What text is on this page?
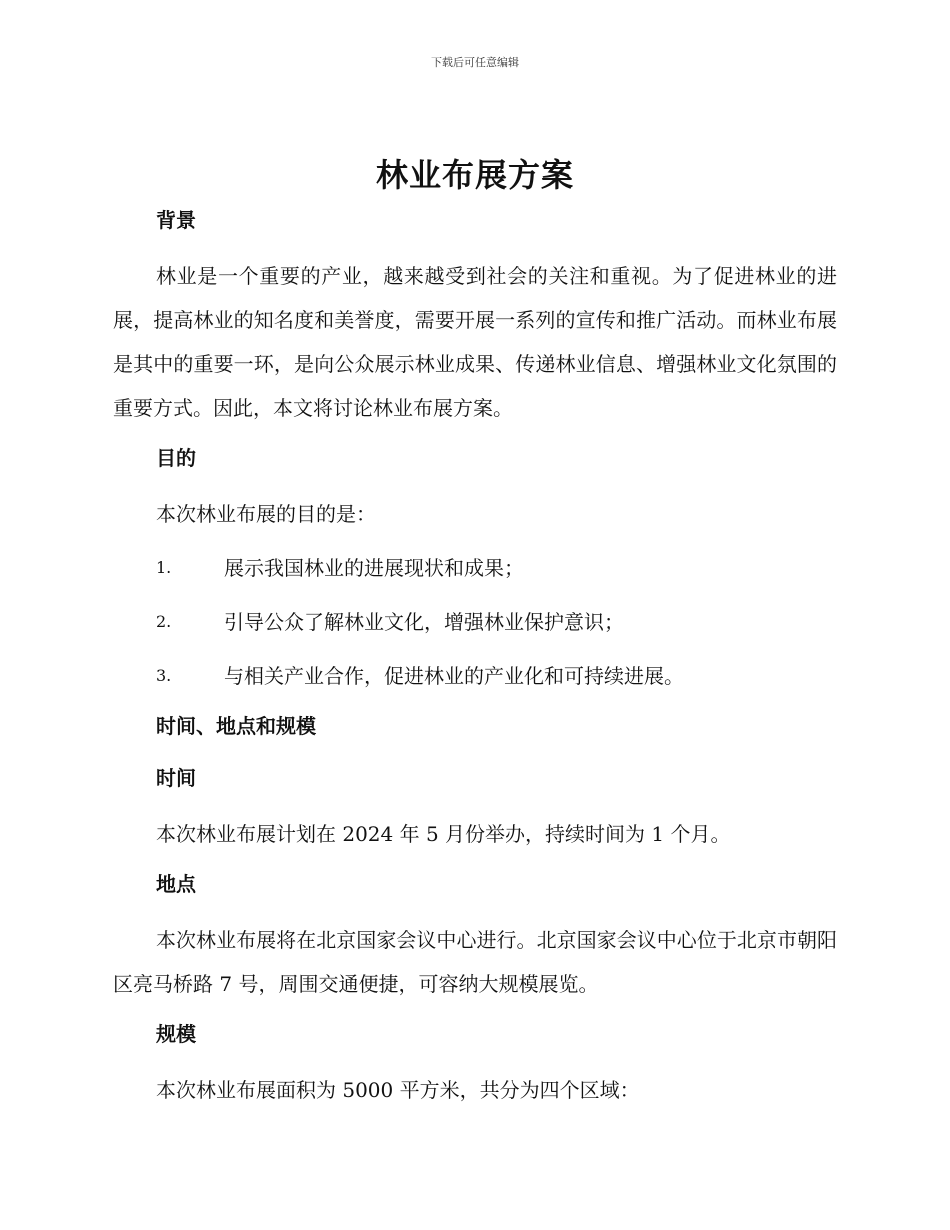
下载后可任意编辑
林业布展方案
背景

林业是一个重要的产业，越来越受到社会的关注和重视。为了促进林业的进展，提高林业的知名度和美誉度，需要开展一系列的宣传和推广活动。而林业布展是其中的重要一环，是向公众展示林业成果、传递林业信息、增强林业文化氛围的重要方式。因此，本文将讨论林业布展方案。

目的

本次林业布展的目的是：

1.	展示我国林业的进展现状和成果；
2.	引导公众了解林业文化，增强林业保护意识；
3.	与相关产业合作，促进林业的产业化和可持续进展。
时间、地点和规模
时间

本次林业布展计划在 2024 年 5 月份举办，持续时间为 1 个月。

地点

本次林业布展将在北京国家会议中心进行。北京国家会议中心位于北京市朝阳区亮马桥路 7 号，周围交通便捷，可容纳大规模展览。

规模

本次林业布展面积为 5000 平方米，共分为四个区域：
